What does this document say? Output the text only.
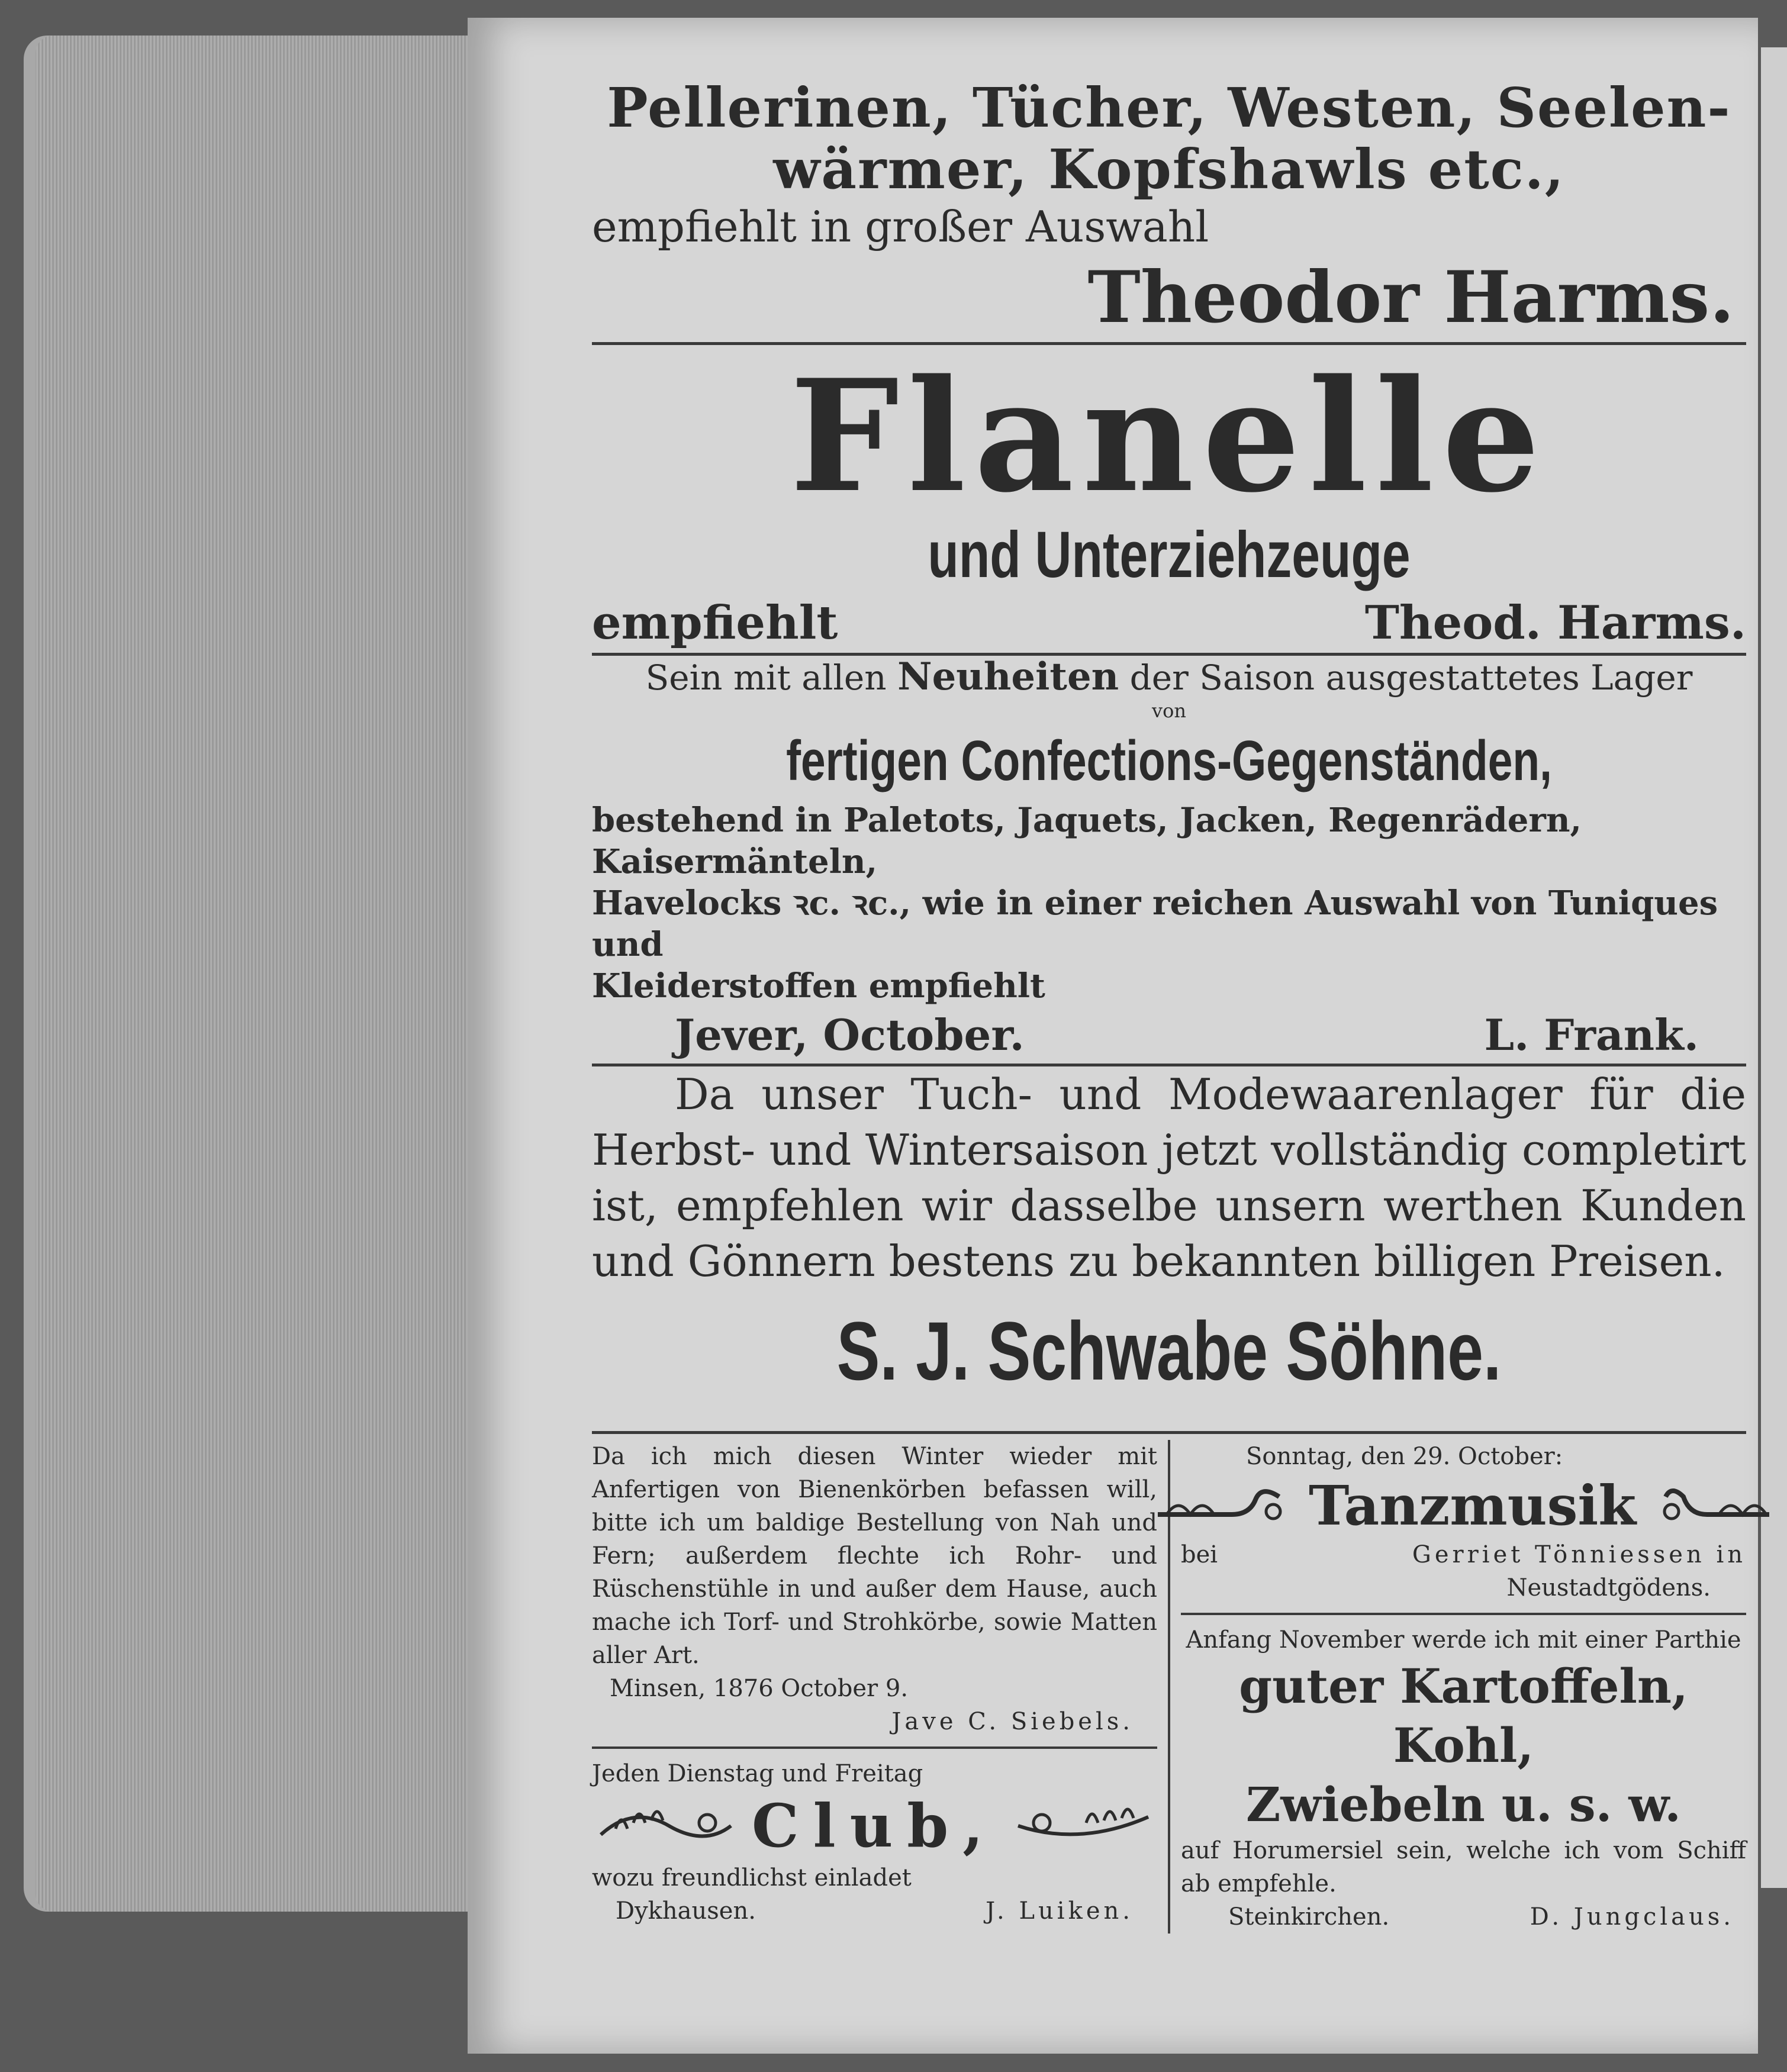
Pellerinen, Tücher, Westen, Seelen-
wärmer, Kopfshawls etc.,
empfiehlt in großer Auswahl
Theodor Harms.
Flanelle
und Unterziehzeuge
empfiehlt	Theod. Harms.
Sein mit allen Neuheiten der Saison ausgestattetes Lager
von
fertigen Confections-Gegenständen,
bestehend in Paletots, Jaquets, Jacken, Regenrädern, Kaisermänteln,
Havelocks ꝛc. ꝛc., wie in einer reichen Auswahl von Tuniques und
Kleiderstoffen empfiehlt
Jever, October.	L. Frank.
Da unser Tuch- und Modewaarenlager für die Herbst- und Wintersaison jetzt vollständig completirt ist, empfehlen wir dasselbe unsern werthen Kunden und Gönnern bestens zu bekannten billigen Preisen.
S. J. Schwabe Söhne.
Da ich mich diesen Winter wieder mit Anfertigen von Bienenkörben befassen will, bitte ich um baldige Bestellung von Nah und Fern; außerdem flechte ich Rohr- und Rüschenstühle in und außer dem Hause, auch mache ich Torf- und Strohkörbe, sowie Matten aller Art.
Minsen, 1876 October 9.
Jave C. Siebels.
Jeden Dienstag und Freitag
Club,
wozu freundlichst einladet
Dykhausen.	J. Luiken.
Sonntag, den 29. October:
Tanzmusik
bei	Gerriet Tönniessen in
Neustadtgödens.
Anfang November werde ich mit einer Parthie
guter Kartoffeln, Kohl,
Zwiebeln u. s. w.
auf Horumersiel sein, welche ich vom Schiff ab empfehle.
Steinkirchen.	D. Jungclaus.
